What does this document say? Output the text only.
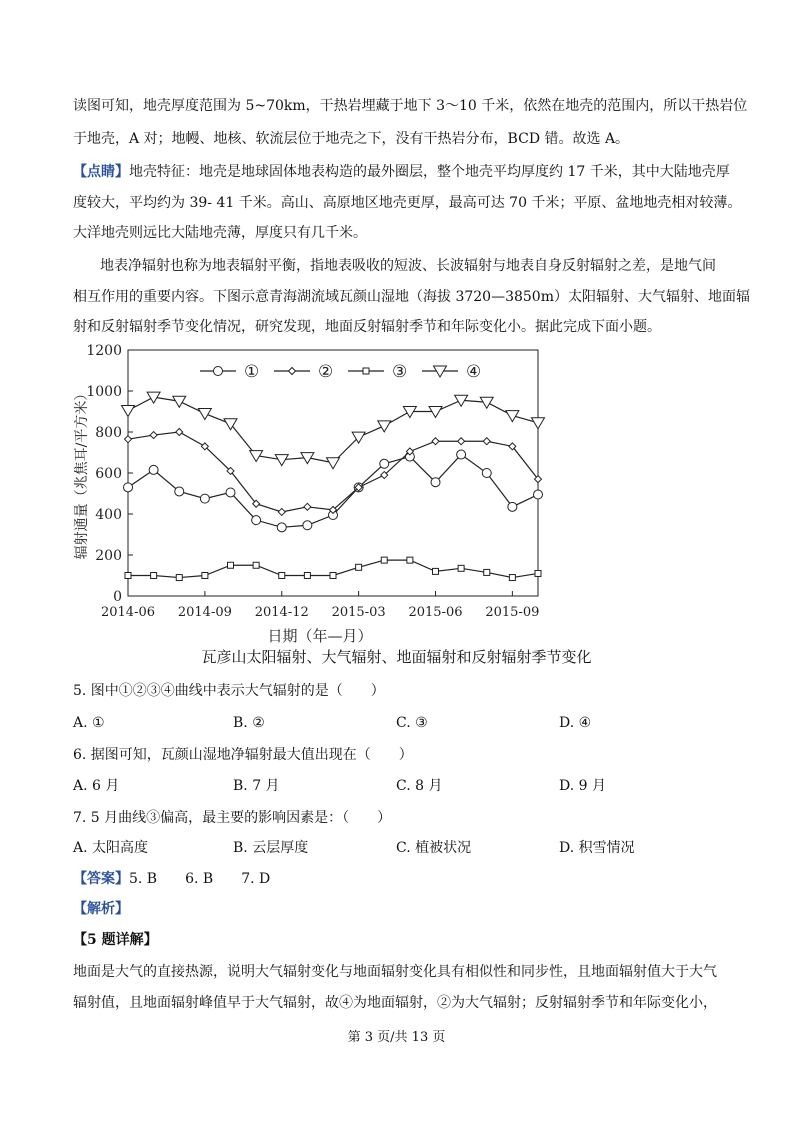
读图可知，地壳厚度范围为 5~70km，干热岩埋藏于地下 3～10 千米，依然在地壳的范围内，所以干热岩位
于地壳，A 对；地幔、地核、软流层位于地壳之下，没有干热岩分布，BCD 错。故选 A。
【点睛】地壳特征：地壳是地球固体地表构造的最外圈层，整个地壳平均厚度约 17 千米，其中大陆地壳厚
度较大，平均约为 39- 41 千米。高山、高原地区地壳更厚，最高可达 70 千米；平原、盆地地壳相对较薄。
大洋地壳则远比大陆地壳薄，厚度只有几千米。
地表净辐射也称为地表辐射平衡，指地表吸收的短波、长波辐射与地表自身反射辐射之差，是地气间
相互作用的重要内容。下图示意青海湖流域瓦颜山湿地（海拔 3720—3850m）太阳辐射、大气辐射、地面辐
射和反射辐射季节变化情况，研究发现，地面反射辐射季节和年际变化小。据此完成下面小题。
0
200
400
600
800
1000
1200
2014-06 2014-09 2014-12 2015-03 2015-06 2015-09
①	②	③	④
日期（年—月）
辐射通量（兆焦耳/平方米）
瓦彦山太阳辐射、大气辐射、地面辐射和反射辐射季节变化
5. 图中①②③④曲线中表示大气辐射的是（　　）
A. ①	B. ②	C. ③	D. ④
6. 据图可知，瓦颜山湿地净辐射最大值出现在（　　）
A. 6 月	B. 7 月	C. 8 月	D. 9 月
7. 5 月曲线③偏高，最主要的影响因素是：（　　）
A. 太阳高度	B. 云层厚度	C. 植被状况	D. 积雪情况
【答案】5. B　　6. B　　7. D
【解析】
【5 题详解】
地面是大气的直接热源，说明大气辐射变化与地面辐射变化具有相似性和同步性，且地面辐射值大于大气
辐射值，且地面辐射峰值早于大气辐射，故④为地面辐射，②为大气辐射；反射辐射季节和年际变化小，
第 3 页/共 13 页
